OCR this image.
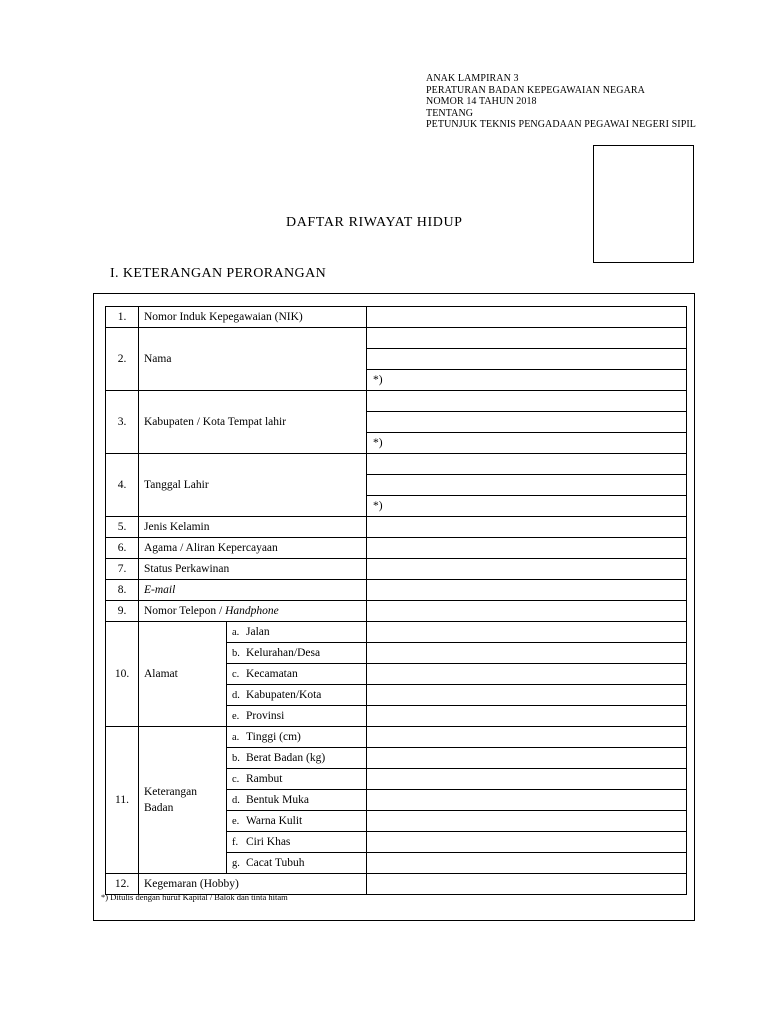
ANAK LAMPIRAN 3
PERATURAN BADAN KEPEGAWAIAN NEGARA
NOMOR 14 TAHUN 2018
TENTANG
PETUNJUK TEKNIS PENGADAAN PEGAWAI NEGERI SIPIL
DAFTAR RIWAYAT HIDUP
I. KETERANGAN PERORANGAN
1.	Nomor Induk Kepegawaian (NIK)		
2.	Nama		

			*)
3.	Kabupaten / Kota Tempat lahir		

			*)
4.	Tanggal Lahir		

			*)
5.	Jenis Kelamin		
6.	Agama / Aliran Kepercayaan		
7.	Status Perkawinan		
8.	E-mail		
9.	Nomor Telepon / Handphone		
10.	Alamat	a. Jalan	
		b. Kelurahan/Desa	
		c. Kecamatan	
		d. Kabupaten/Kota	
		e. Provinsi	
11.	Keterangan
Badan	a. Tinggi (cm)	
		b. Berat Badan (kg)	
		c. Rambut	
		d. Bentuk Muka	
		e. Warna Kulit	
		f. Ciri Khas	
		g. Cacat Tubuh	
12.	Kegemaran (Hobby)		
*) Ditulis dengan huruf Kapital / Balok dan tinta hitam
